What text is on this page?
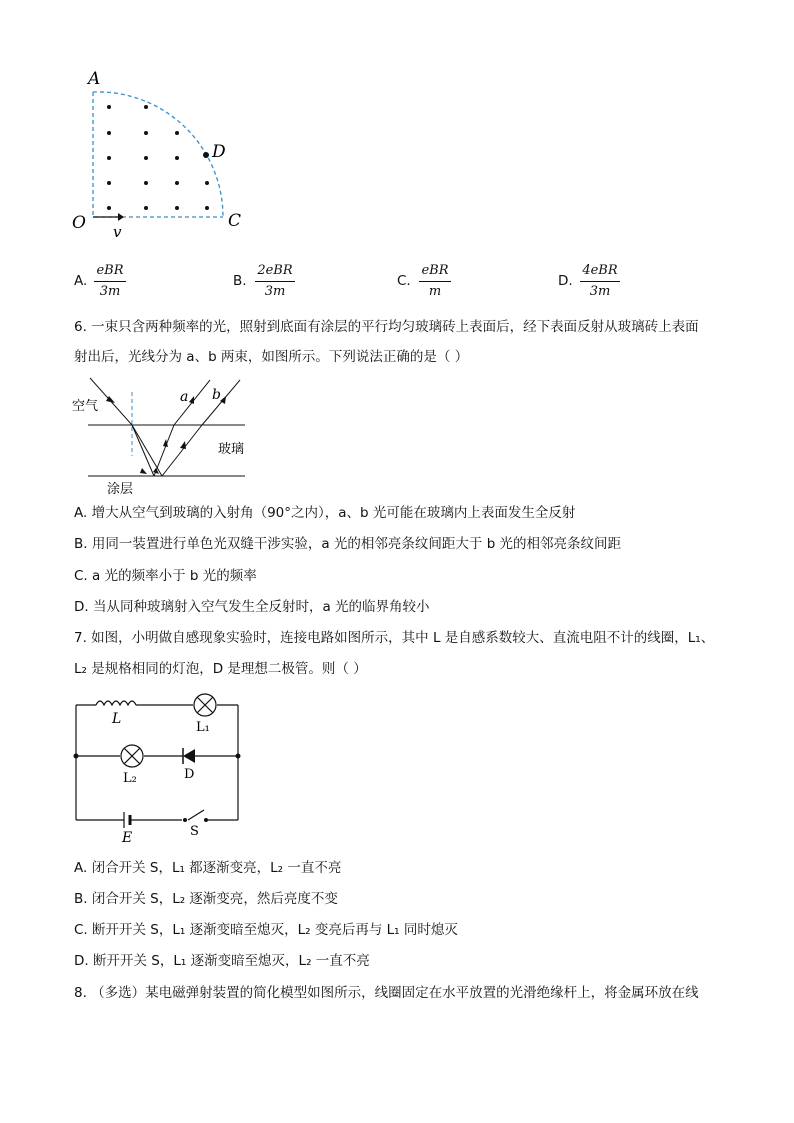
A
D
O	C
v
A.
eBR
3m
B.
2eBR
3m
C.
eBR
m
D.
4eBR
3m
6. 一束只含两种频率的光，照射到底面有涂层的平行均匀玻璃砖上表面后，经下表面反射从玻璃砖上表面
射出后，光线分为 a、b 两束，如图所示。下列说法正确的是（ ）
空气
玻璃
涂层
a b
A. 增大从空气到玻璃的入射角（90°之内），a、b 光可能在玻璃内上表面发生全反射
B. 用同一装置进行单色光双缝干涉实验，a 光的相邻亮条纹间距大于 b 光的相邻亮条纹间距
C. a 光的频率小于 b 光的频率
D. 当从同种玻璃射入空气发生全反射时，a 光的临界角较小
7. 如图，小明做自感现象实验时，连接电路如图所示，其中 L 是自感系数较大、直流电阻不计的线圈，L₁、
L₂ 是规格相同的灯泡，D 是理想二极管。则（ ）
L
L₁
L₂	D
E	S
A. 闭合开关 S，L₁ 都逐渐变亮，L₂ 一直不亮
B. 闭合开关 S，L₂ 逐渐变亮，然后亮度不变
C. 断开开关 S，L₁ 逐渐变暗至熄灭，L₂ 变亮后再与 L₁ 同时熄灭
D. 断开开关 S，L₁ 逐渐变暗至熄灭，L₂ 一直不亮
8. （多选）某电磁弹射装置的简化模型如图所示，线圈固定在水平放置的光滑绝缘杆上，将金属环放在线
